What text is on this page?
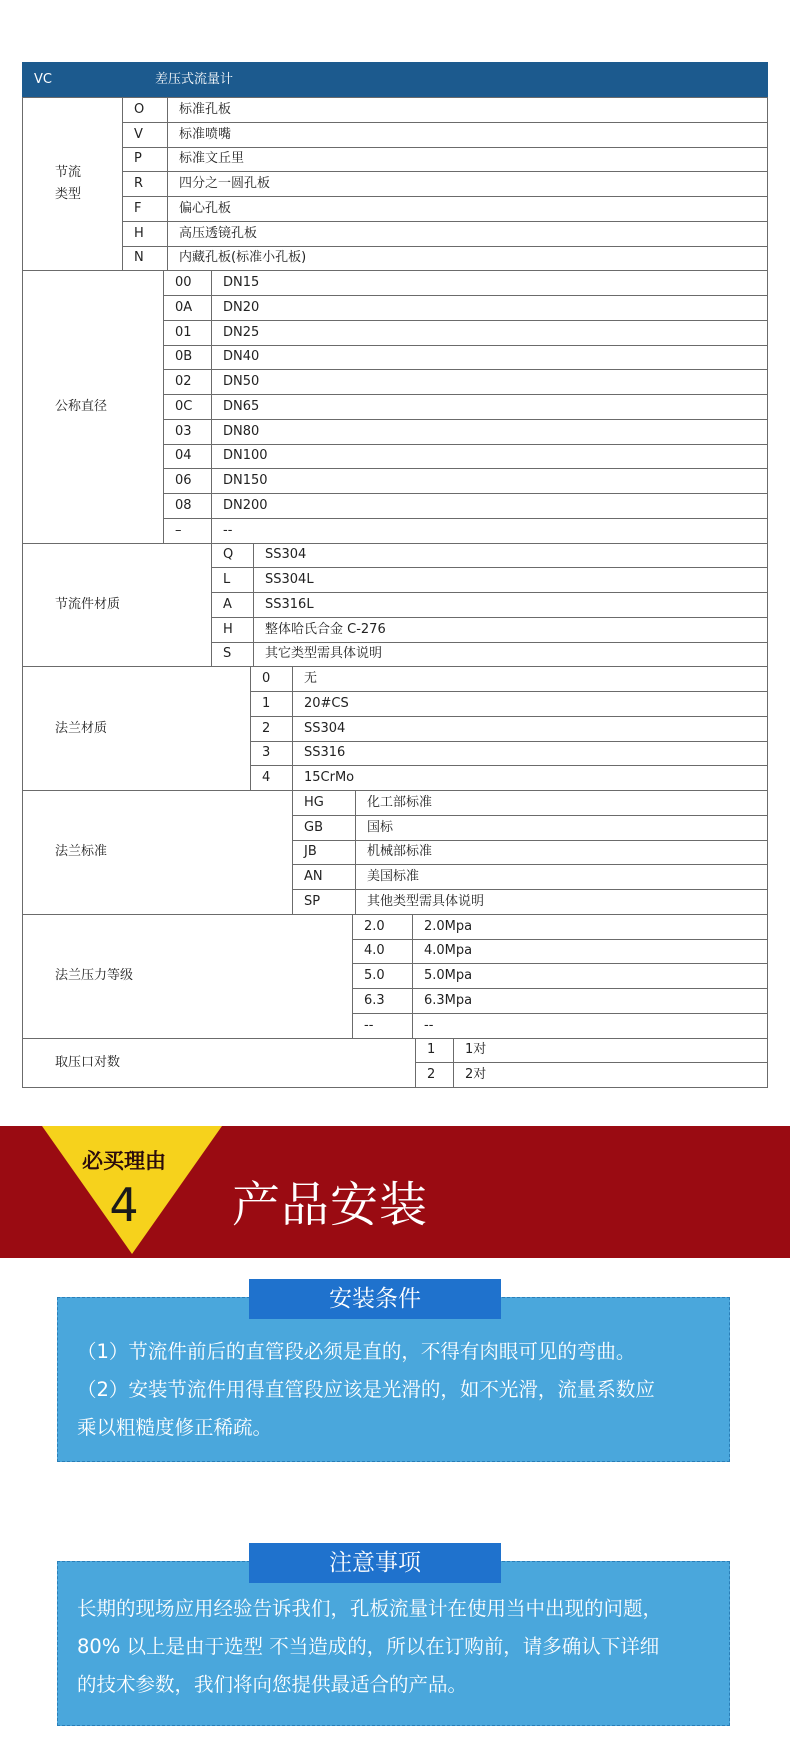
VC	差压式流量计
节流
类型
O	标准孔板
V	标准喷嘴
P	标准文丘里
R	四分之一圆孔板
F	偏心孔板
H	高压透镜孔板
N	内藏孔板(标准小孔板)
公称直径
00	DN15
0A	DN20
01	DN25
0B	DN40
02	DN50
0C	DN65
03	DN80
04	DN100
06	DN150
08	DN200
–	--
节流件材质
Q	SS304
L	SS304L
A	SS316L
H	整体哈氏合金 C-276
S	其它类型需具体说明
法兰材质
0	无
1	20#CS
2	SS304
3	SS316
4	15CrMo
法兰标准
HG	化工部标准
GB	国标
JB	机械部标准
AN	美国标准
SP	其他类型需具体说明
法兰压力等级
2.0	2.0Mpa
4.0	4.0Mpa
5.0	5.0Mpa
6.3	6.3Mpa
--	--
取压口对数
1	1对
2	2对
必买理由
4	产品安装
安装条件
（1）节流件前后的直管段必须是直的，不得有肉眼可见的弯曲。
（2）安装节流件用得直管段应该是光滑的，如不光滑，流量系数应
乘以粗糙度修正稀疏。
注意事项
长期的现场应用经验告诉我们，孔板流量计在使用当中出现的问题，
80% 以上是由于选型 不当造成的，所以在订购前，请多确认下详细
的技术参数，我们将向您提供最适合的产品。
